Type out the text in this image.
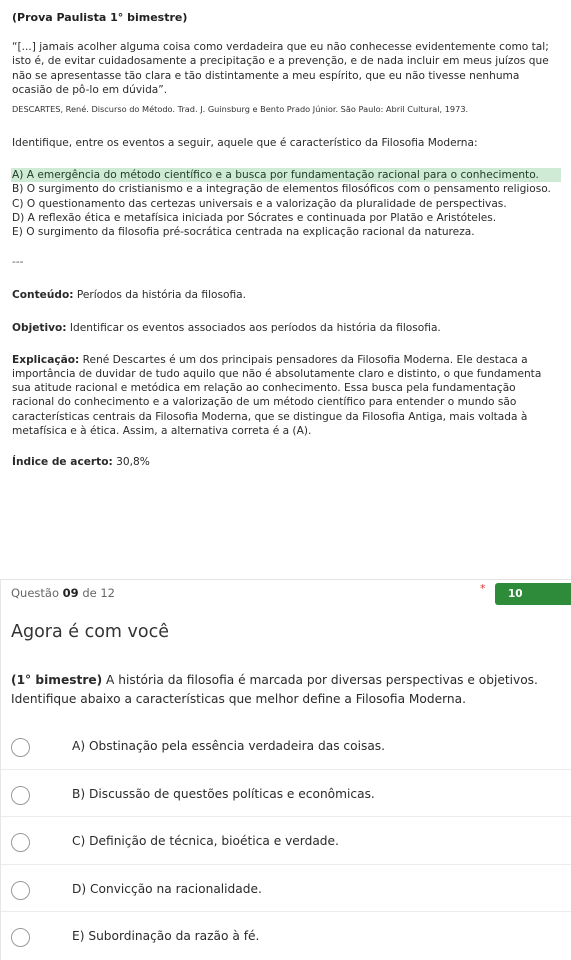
(Prova Paulista 1° bimestre)

“[...] jamais acolher alguma coisa como verdadeira que eu não conhecesse evidentemente como tal; isto é, de evitar cuidadosamente a precipitação e a prevenção, e de nada incluir em meus juízos que não se apresentasse tão clara e tão distintamente a meu espírito, que eu não tivesse nenhuma ocasião de pô-lo em dúvida”.

DESCARTES, René. Discurso do Método. Trad. J. Guinsburg e Bento Prado Júnior. São Paulo: Abril Cultural, 1973.

Identifique, entre os eventos a seguir, aquele que é característico da Filosofia Moderna:

A) A emergência do método científico e a busca por fundamentação racional para o conhecimento.

B) O surgimento do cristianismo e a integração de elementos filosóficos com o pensamento religioso.

C) O questionamento das certezas universais e a valorização da pluralidade de perspectivas.

D) A reflexão ética e metafísica iniciada por Sócrates e continuada por Platão e Aristóteles.

E) O surgimento da filosofia pré-socrática centrada na explicação racional da natureza.

---

Conteúdo: Períodos da história da filosofia.

Objetivo: Identificar os eventos associados aos períodos da história da filosofia.

Explicação: René Descartes é um dos principais pensadores da Filosofia Moderna. Ele destaca a importância de duvidar de tudo aquilo que não é absolutamente claro e distinto, o que fundamenta sua atitude racional e metódica em relação ao conhecimento. Essa busca pela fundamentação racional do conhecimento e a valorização de um método científico para entender o mundo são características centrais da Filosofia Moderna, que se distingue da Filosofia Antiga, mais voltada à metafísica e à ética. Assim, a alternativa correta é a (A).

Índice de acerto: 30,8%

Questão 09 de 12	*	10 PONTOS
Agora é com você
(1° bimestre) A história da filosofia é marcada por diversas perspectivas e objetivos. Identifique abaixo a características que melhor define a Filosofia Moderna.
A) Obstinação pela essência verdadeira das coisas.
B) Discussão de questões políticas e econômicas.
C) Definição de técnica, bioética e verdade.
D) Convicção na racionalidade.
E) Subordinação da razão à fé.
